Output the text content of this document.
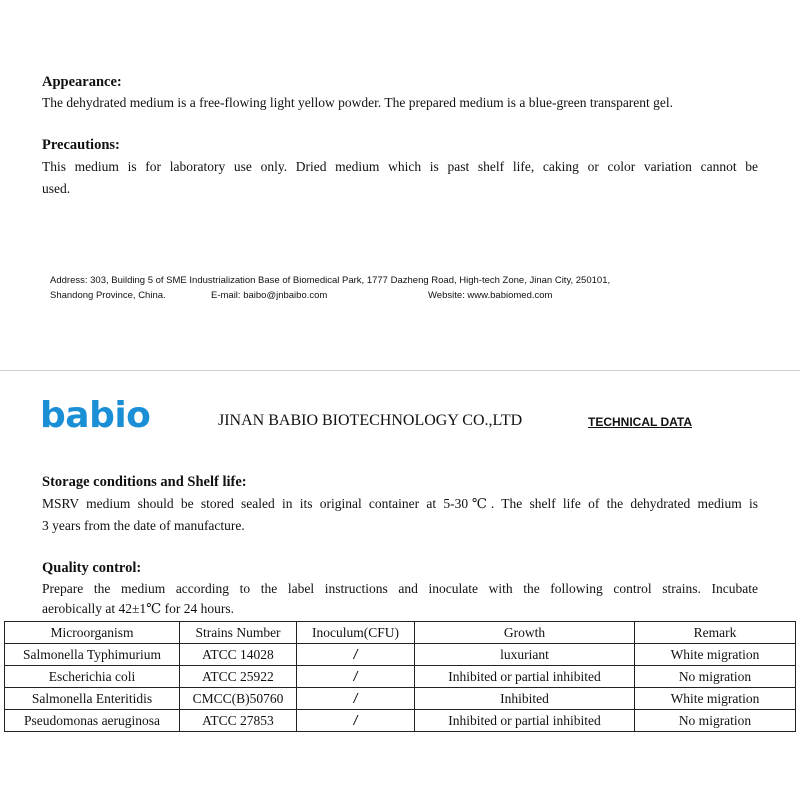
Appearance:
The dehydrated medium is a free-flowing light yellow powder. The prepared medium is a blue-green transparent gel.
Precautions:
This medium is for laboratory use only. Dried medium which is past shelf life, caking or color variation cannot be
used.
Address: 303, Building 5 of SME Industrialization Base of Biomedical Park, 1777 Dazheng Road, High-tech Zone, Jinan City, 250101,
Shandong Province, China.	E-mail: baibo@jnbaibo.com	Website: www.babiomed.com
babio	JINAN BABIO BIOTECHNOLOGY CO.,LTD	TECHNICAL DATA
Storage conditions and Shelf life:
MSRV medium should be stored sealed in its original container at 5-30℃. The shelf life of the dehydrated medium is
3 years from the date of manufacture.
Quality control:
Prepare the medium according to the label instructions and inoculate with the following control strains. Incubate
aerobically at 42±1℃ for 24 hours.
Microorganism	Strains Number	Inoculum(CFU)	Growth	Remark
Salmonella Typhimurium	ATCC 14028	/	luxuriant	White migration
Escherichia coli	ATCC 25922	/	Inhibited or partial inhibited	No migration
Salmonella Enteritidis	CMCC(B)50760	/	Inhibited	White migration
Pseudomonas aeruginosa	ATCC 27853	/	Inhibited or partial inhibited	No migration
